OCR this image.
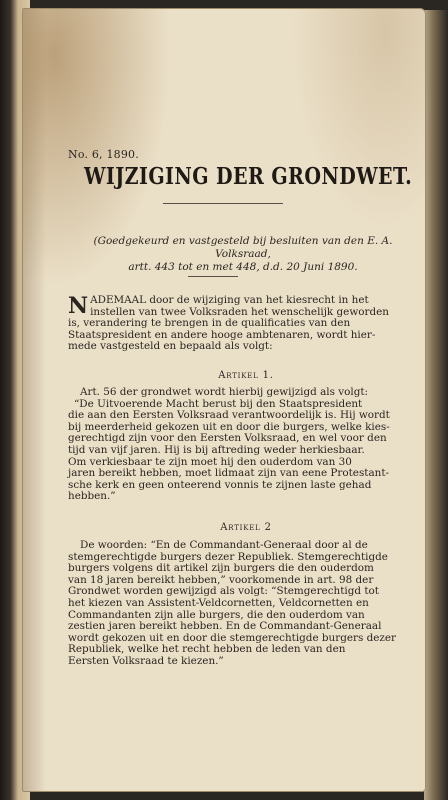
No. 6, 1890.
WIJZIGING DER GRONDWET.
(Goedgekeurd en vastgesteld bij besluiten van den E. A. Volksraad,
artt. 443 tot en met 448, d.d. 20 Juni 1890.
N ADEMAAL door de wijziging van het kiesrecht in het
instellen van twee Volksraden het wenschelijk geworden
is, verandering te brengen in de qualificaties van den
Staatspresident en andere hooge ambtenaren, wordt hier-
mede vastgesteld en bepaald als volgt:
Artikel 1.
Art. 56 der grondwet wordt hierbij gewijzigd als volgt:
“De Uitvoerende Macht berust bij den Staatspresident
die aan den Eersten Volksraad verantwoordelijk is. Hij wordt
bij meerderheid gekozen uit en door die burgers, welke kies-
gerechtigd zijn voor den Eersten Volksraad, en wel voor den
tijd van vijf jaren. Hij is bij aftreding weder herkiesbaar.
Om verkiesbaar te zijn moet hij den ouderdom van 30
jaren bereikt hebben, moet lidmaat zijn van eene Protestant-
sche kerk en geen onteerend vonnis te zijnen laste gehad
hebben.”
Artikel 2
De woorden: “En de Commandant-Generaal door al de
stemgerechtigde burgers dezer Republiek. Stemgerechtigde
burgers volgens dit artikel zijn burgers die den ouderdom
van 18 jaren bereikt hebben,” voorkomende in art. 98 der
Grondwet worden gewijzigd als volgt: “Stemgerechtigd tot
het kiezen van Assistent-Veldcornetten, Veldcornetten en
Commandanten zijn alle burgers, die den ouderdom van
zestien jaren bereikt hebben. En de Commandant-Generaal
wordt gekozen uit en door die stemgerechtigde burgers dezer
Republiek, welke het recht hebben de leden van den
Eersten Volksraad te kiezen.”
